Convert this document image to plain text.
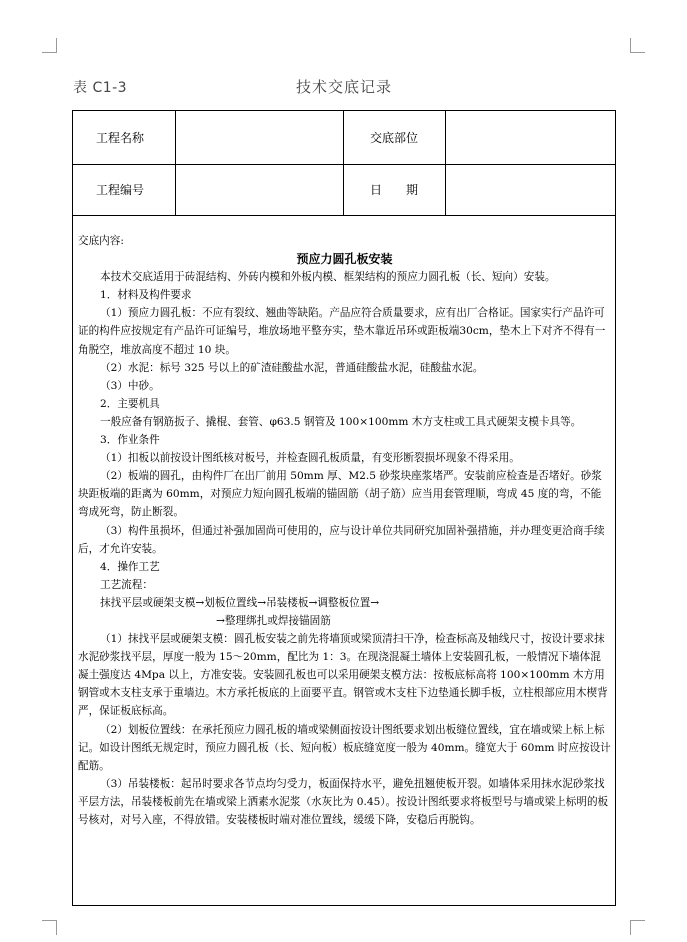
表 C1-3	技术交底记录
工程名称	交底部位
工程编号	日　　期

交底内容:

预应力圆孔板安装

本技术交底适用于砖混结构、外砖内模和外板内模、框架结构的预应力圆孔板（长、短向）安装。

1．材料及构件要求

（1）预应力圆孔板：不应有裂纹、翘曲等缺陷。产品应符合质量要求，应有出厂合格证。国家实行产品许可证的构件应按规定有产品许可证编号，堆放场地平整夯实，垫木靠近吊环或距板端30cm，垫木上下对齐不得有一角脱空，堆放高度不超过 10 块。

（2）水泥：标号 325 号以上的矿渣硅酸盐水泥，普通硅酸盐水泥，硅酸盐水泥。

（3）中砂。

2．主要机具

一般应备有钢筋扳子、撬棍、套管、φ63.5 钢管及 100×100mm 木方支柱或工具式硬架支模卡具等。

3．作业条件

（1）扣板以前按设计图纸核对板号，并检查圆孔板质量，有变形断裂损坏现象不得采用。

（2）板端的圆孔，由构件厂在出厂前用 50mm 厚、M2.5 砂浆块座浆堵严。安装前应检查是否堵好。砂浆块距板端的距离为 60mm，对预应力短向圆孔板端的锚固筋（胡子筋）应当用套管理顺，弯成 45 度的弯，不能弯成死弯，防止断裂。

（3）构件虽损坏，但通过补强加固尚可使用的，应与设计单位共同研究加固补强措施，并办理变更洽商手续后，才允许安装。

4．操作工艺

工艺流程：

抹找平层或硬架支模→划板位置线→吊装楼板→调整板位置→

→整理绑扎或焊接锚固筋

（1）抹找平层或硬架支模：圆孔板安装之前先将墙顶或梁顶清扫干净，检查标高及轴线尺寸，按设计要求抹水泥砂浆找平层，厚度一般为 15～20mm，配比为 1：3。在现浇混凝土墙体上安装圆孔板，一般情况下墙体混凝土强度达 4Mpa 以上，方准安装。安装圆孔板也可以采用硬架支模方法：按板底标高将 100×100mm 木方用钢管或木支柱支承于重墙边。木方承托板底的上面要平直。钢管或木支柱下边垫通长脚手板，立柱根部应用木楔背严，保证板底标高。

（2）划板位置线：在承托预应力圆孔板的墙或梁侧面按设计图纸要求划出板缝位置线，宜在墙或梁上标上标记。如设计图纸无规定时，预应力圆孔板（长、短向板）板底缝宽度一般为 40mm。缝宽大于 60mm 时应按设计配筋。

（3）吊装楼板：起吊时要求各节点均匀受力，板面保持水平，避免扭翘使板开裂。如墙体采用抹水泥砂浆找平层方法，吊装楼板前先在墙或梁上洒素水泥浆（水灰比为 0.45）。按设计图纸要求将板型号与墙或梁上标明的板号核对，对号入座，不得放错。安装楼板时端对准位置线，缓缓下降，安稳后再脱钩。
